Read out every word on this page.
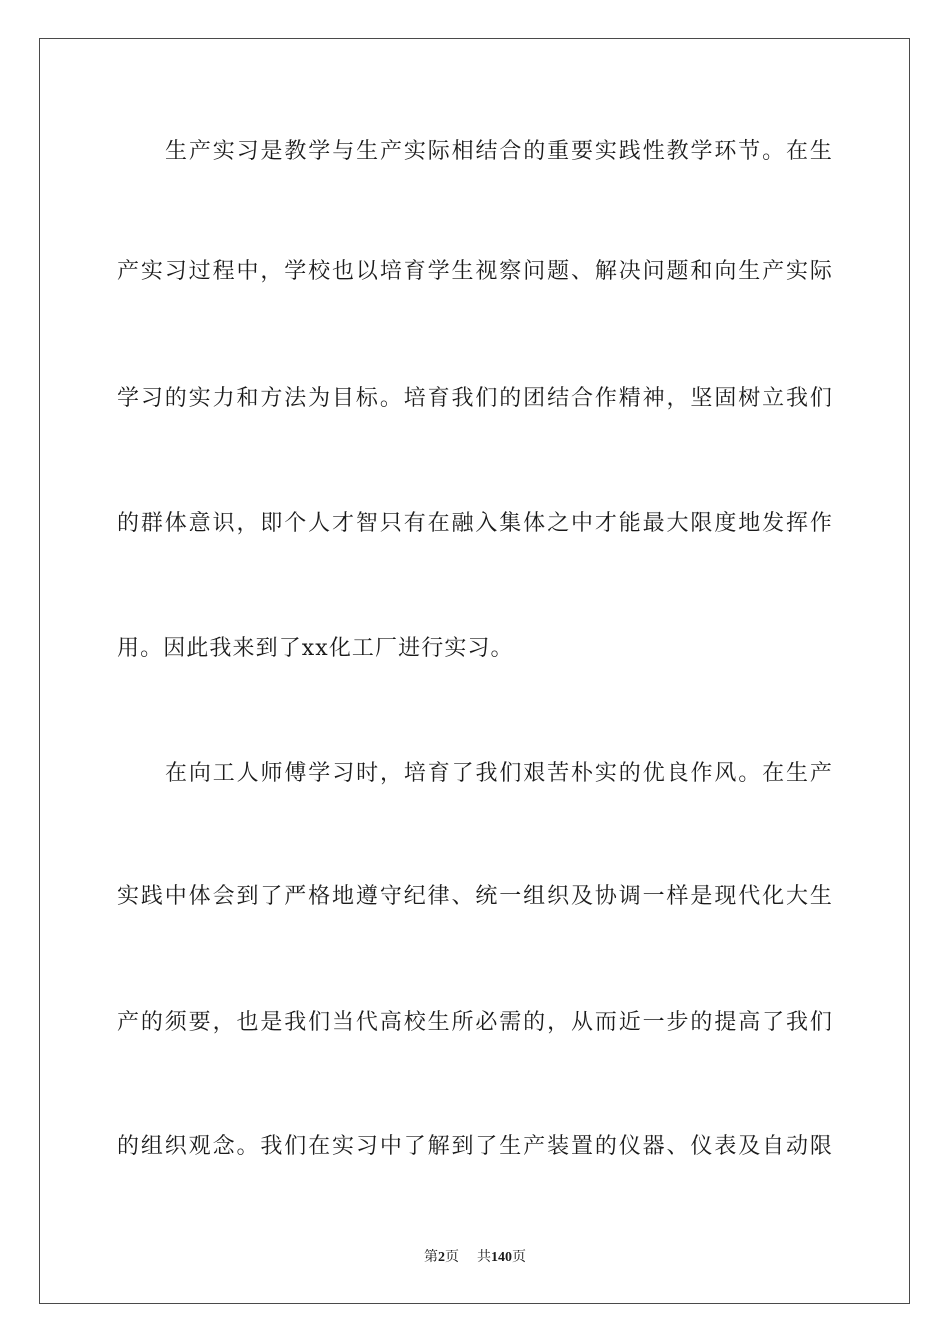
生产实习是教学与生产实际相结合的重要实践性教学环节。在生
产实习过程中，学校也以培育学生视察问题、解决问题和向生产实际
学习的实力和方法为目标。培育我们的团结合作精神，坚固树立我们
的群体意识，即个人才智只有在融入集体之中才能最大限度地发挥作
用。因此我来到了xx化工厂进行实习。
在向工人师傅学习时，培育了我们艰苦朴实的优良作风。在生产
实践中体会到了严格地遵守纪律、统一组织及协调一样是现代化大生
产的须要，也是我们当代高校生所必需的，从而近一步的提高了我们
的组织观念。我们在实习中了解到了生产装置的仪器、仪表及自动限
第2页 共140页
